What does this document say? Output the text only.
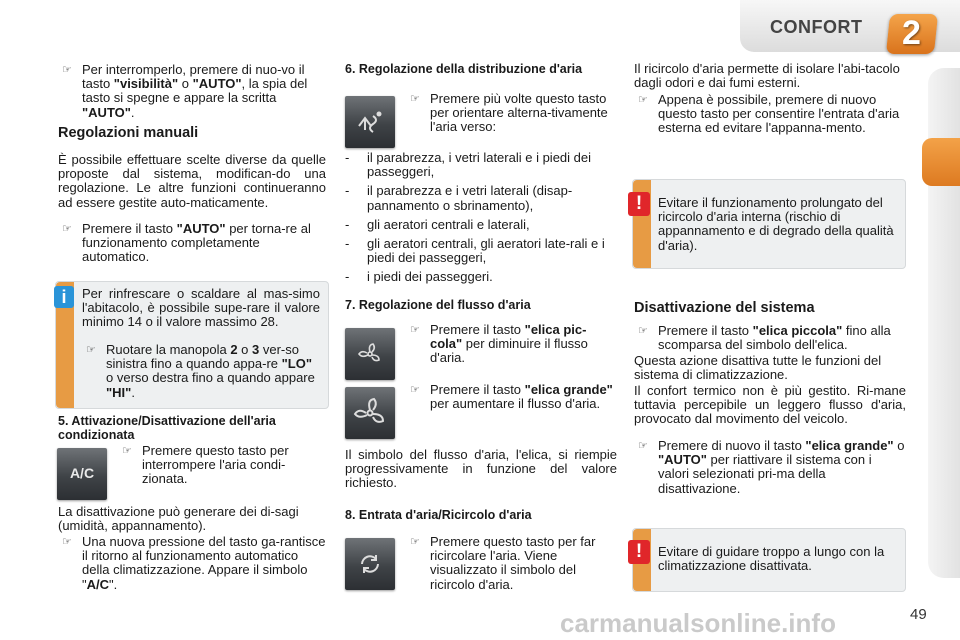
CONFORT 2
☞ Per interromperlo, premere di nuo-vo il tasto "visibilità" o "AUTO", la spia del tasto si spegne e appare la scritta "AUTO".
Regolazioni manuali
È possibile effettuare scelte diverse da quelle proposte dal sistema, modifican-do una regolazione. Le altre funzioni continueranno ad essere gestite auto-maticamente.
☞ Premere il tasto "AUTO" per torna-re al funzionamento completamente automatico.
i	Per rinfrescare o scaldare al mas-simo l'abitacolo, è possibile supe-rare il valore minimo 14 o il valore massimo 28.
☞ Ruotare la manopola 2 o 3 ver-so sinistra fino a quando appa-re "LO" o verso destra fino a quando appare "HI".
5. Attivazione/Disattivazione dell'aria condizionata
A/C
☞ Premere questo tasto per interrompere l'aria condi-zionata.
La disattivazione può generare dei di-sagi (umidità, appannamento).
☞ Una nuova pressione del tasto ga-rantisce il ritorno al funzionamento automatico della climatizzazione. Appare il simbolo "A/C".
6. Regolazione della distribuzione d'aria
☞ Premere più volte questo tasto per orientare alterna-tivamente l'aria verso:
-	il parabrezza, i vetri laterali e i piedi dei passeggeri,
-	il parabrezza e i vetri laterali (disap-pannamento o sbrinamento),
-	gli aeratori centrali e laterali,
-	gli aeratori centrali, gli aeratori late-rali e i piedi dei passeggeri,
-	i piedi dei passeggeri.
7. Regolazione del flusso d'aria
☞ Premere il tasto "elica pic-cola" per diminuire il flusso d'aria.
☞ Premere il tasto "elica grande" per aumentare il flusso d'aria.
Il simbolo del flusso d'aria, l'elica, si riempie progressivamente in funzione del valore richiesto.
8. Entrata d'aria/Ricircolo d'aria
☞ Premere questo tasto per far ricircolare l'aria. Viene visualizzato il simbolo del ricircolo d'aria.
Il ricircolo d'aria permette di isolare l'abi-tacolo dagli odori e dai fumi esterni.
☞ Appena è possibile, premere di nuovo questo tasto per consentire l'entrata d'aria esterna ed evitare l'appanna-mento.
!	Evitare il funzionamento prolungato del ricircolo d'aria interna (rischio di appannamento e di degrado della qualità d'aria).
Disattivazione del sistema
☞ Premere il tasto "elica piccola" fino alla scomparsa del simbolo dell'elica.
Questa azione disattiva tutte le funzioni del sistema di climatizzazione.
Il confort termico non è più gestito. Ri-mane tuttavia percepibile un leggero flusso d'aria, provocato dal movimento del veicolo.
☞ Premere di nuovo il tasto "elica grande" o "AUTO" per riattivare il sistema con i valori selezionati pri-ma della disattivazione.
!	Evitare di guidare troppo a lungo con la climatizzazione disattivata.
49
carmanualsonline.info
